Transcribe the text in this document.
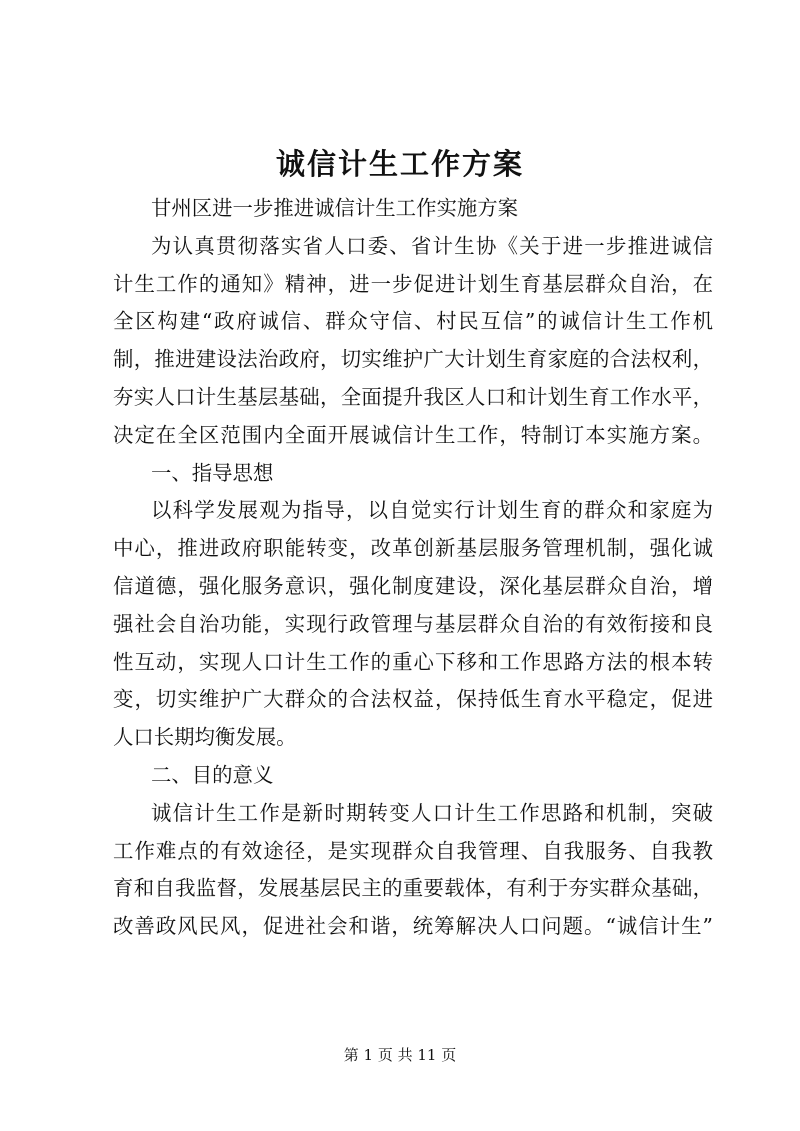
诚信计生工作方案
甘州区进一步推进诚信计生工作实施方案
为认真贯彻落实省人口委、省计生协《关于进一步推进诚信
计生工作的通知》精神，进一步促进计划生育基层群众自治，在
全区构建“政府诚信、群众守信、村民互信”的诚信计生工作机
制，推进建设法治政府，切实维护广大计划生育家庭的合法权利，
夯实人口计生基层基础，全面提升我区人口和计划生育工作水平，
决定在全区范围内全面开展诚信计生工作，特制订本实施方案。
一、指导思想
以科学发展观为指导，以自觉实行计划生育的群众和家庭为
中心，推进政府职能转变，改革创新基层服务管理机制，强化诚
信道德，强化服务意识，强化制度建设，深化基层群众自治，增
强社会自治功能，实现行政管理与基层群众自治的有效衔接和良
性互动，实现人口计生工作的重心下移和工作思路方法的根本转
变，切实维护广大群众的合法权益，保持低生育水平稳定，促进
人口长期均衡发展。
二、目的意义
诚信计生工作是新时期转变人口计生工作思路和机制，突破
工作难点的有效途径，是实现群众自我管理、自我服务、自我教
育和自我监督，发展基层民主的重要载体，有利于夯实群众基础，
改善政风民风，促进社会和谐，统筹解决人口问题。“诚信计生”
第 1 页 共 11 页
